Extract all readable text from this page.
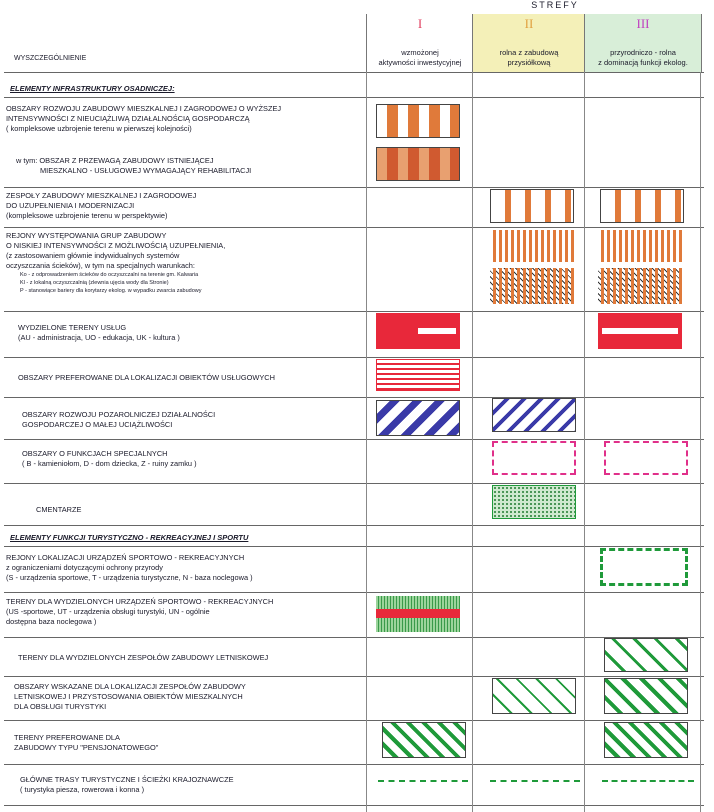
STREFY
I
wzmożonej
aktywności inwestycyjnej
II
rolna z zabudową
przysiółkową
III
przyrodniczo - rolna
z dominacją funkcji ekolog.
WYSZCZEGÓLNIENIE
ELEMENTY INFRASTRUKTURY OSADNICZEJ:
ELEMENTY FUNKCJI TURYSTYCZNO - REKREACYJNEJ I SPORTU
OBSZARY ROZWOJU ZABUDOWY MIESZKALNEJ I ZAGRODOWEJ O WYŻSZEJ
INTENSYWNOŚCI Z NIEUCIĄŻLIWĄ DZIAŁALNOŚCIĄ GOSPODARCZĄ
( kompleksowe uzbrojenie terenu w pierwszej kolejności)
w tym: OBSZAR Z PRZEWAGĄ ZABUDOWY ISTNIEJĄCEJ
MIESZKALNO - USŁUGOWEJ WYMAGAJĄCY REHABILITACJI
ZESPOŁY ZABUDOWY MIESZKALNEJ I ZAGRODOWEJ
DO UZUPEŁNIENIA I MODERNIZACJI
(kompleksowe uzbrojenie terenu w perspektywie)
REJONY WYSTĘPOWANIA GRUP ZABUDOWY
O NISKIEJ INTENSYWNOŚCI Z MOŻLIWOŚCIĄ UZUPEŁNIENIA,
(z zastosowaniem głównie indywidualnych systemów
oczyszczania ścieków), w tym na specjalnych warunkach:
Ko - z odprowadzeniem ścieków do oczyszczalni na terenie gm. Kalwaria
Kl - z lokalną oczyszczalnią (zlewnia ujęcia wody dla Stronie)
P - stanowiące bariery dla korytarzy ekolog. w wypadku zwarcia zabudowy
WYDZIELONE TERENY USŁUG
(AU - administracja, UO - edukacja, UK - kultura )
OBSZARY PREFEROWANE DLA LOKALIZACJI OBIEKTÓW USŁUGOWYCH
OBSZARY ROZWOJU POZAROLNICZEJ DZIAŁALNOŚCI
GOSPODARCZEJ O MAŁEJ UCIĄŻLIWOŚCI
OBSZARY O FUNKCJACH SPECJALNYCH
( B - kamieniołom, D - dom dziecka, Z - ruiny zamku )
CMENTARZE
REJONY LOKALIZACJI URZĄDZEŃ SPORTOWO - REKREACYJNYCH
z ograniczeniami dotyczącymi ochrony przyrody
(S - urządzenia sportowe, T - urządzenia turystyczne, N - baza noclegowa )
TERENY DLA WYDZIELONYCH URZĄDZEŃ SPORTOWO - REKREACYJNYCH
(US -sportowe, UT - urządzenia obsługi turystyki, UN - ogólnie
dostępna baza noclegowa )
TERENY DLA WYDZIELONYCH ZESPOŁÓW ZABUDOWY LETNISKOWEJ
OBSZARY WSKAZANE DLA LOKALIZACJI ZESPOŁÓW ZABUDOWY
LETNISKOWEJ I PRZYSTOSOWANIA OBIEKTÓW MIESZKALNYCH
DLA OBSŁUGI TURYSTYKI
TERENY PREFEROWANE DLA
ZABUDOWY TYPU "PENSJONATOWEGO"
GŁÓWNE TRASY TURYSTYCZNE I ŚCIEŻKI KRAJOZNAWCZE
( turystyka piesza, rowerowa i konna )
